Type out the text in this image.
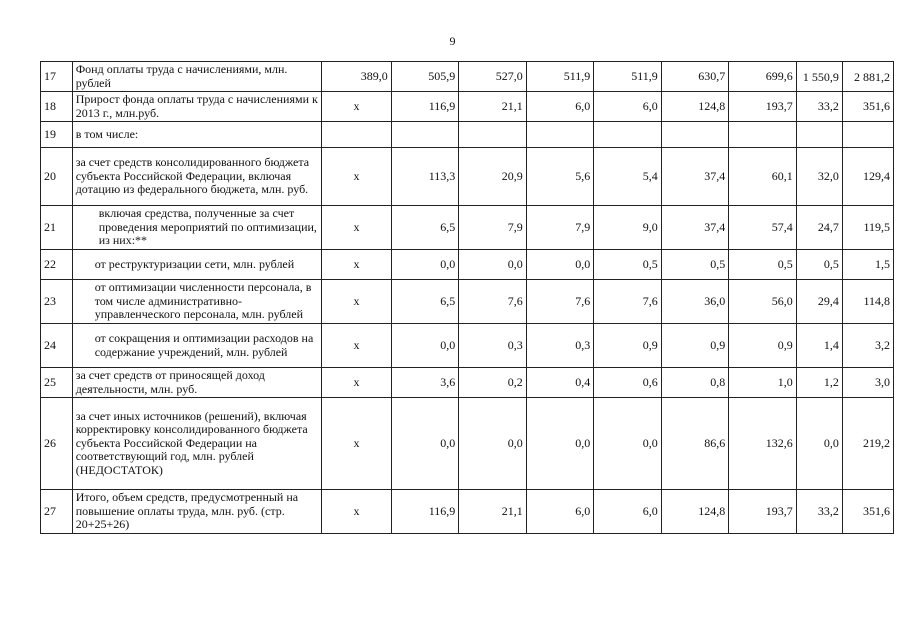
9
17	Фонд оплаты труда с начислениями, млн. рублей	389,0	505,9	527,0	511,9	511,9	630,7	699,6	1 550,9	2 881,2
18	Прирост фонда оплаты труда с начислениями к 2013 г., млн.руб.	х	116,9	21,1	6,0	6,0	124,8	193,7	33,2	351,6
19	в том числе:									
20	за счет средств консолидированного бюджета субъекта Российской Федерации, включая дотацию из федерального бюджета, млн. руб.	х	113,3	20,9	5,6	5,4	37,4	60,1	32,0	129,4
21	включая средства, полученные за счет проведения мероприятий по оптимизации, из них:**	х	6,5	7,9	7,9	9,0	37,4	57,4	24,7	119,5
22	от реструктуризации сети, млн. рублей	х	0,0	0,0	0,0	0,5	0,5	0,5	0,5	1,5
23	от оптимизации численности персонала, в том числе административно-управленческого персонала, млн. рублей	х	6,5	7,6	7,6	7,6	36,0	56,0	29,4	114,8
24	от сокращения и оптимизации расходов на содержание учреждений, млн. рублей	х	0,0	0,3	0,3	0,9	0,9	0,9	1,4	3,2
25	за счет средств от приносящей доход деятельности, млн. руб.	х	3,6	0,2	0,4	0,6	0,8	1,0	1,2	3,0
26	за счет иных источников (решений), включая корректировку консолидированного бюджета субъекта Российской Федерации на соответствующий год, млн. рублей (НЕДОСТАТОК)	х	0,0	0,0	0,0	0,0	86,6	132,6	0,0	219,2
27	Итого, объем средств, предусмотренный на повышение оплаты труда, млн. руб. (стр. 20+25+26)	х	116,9	21,1	6,0	6,0	124,8	193,7	33,2	351,6
